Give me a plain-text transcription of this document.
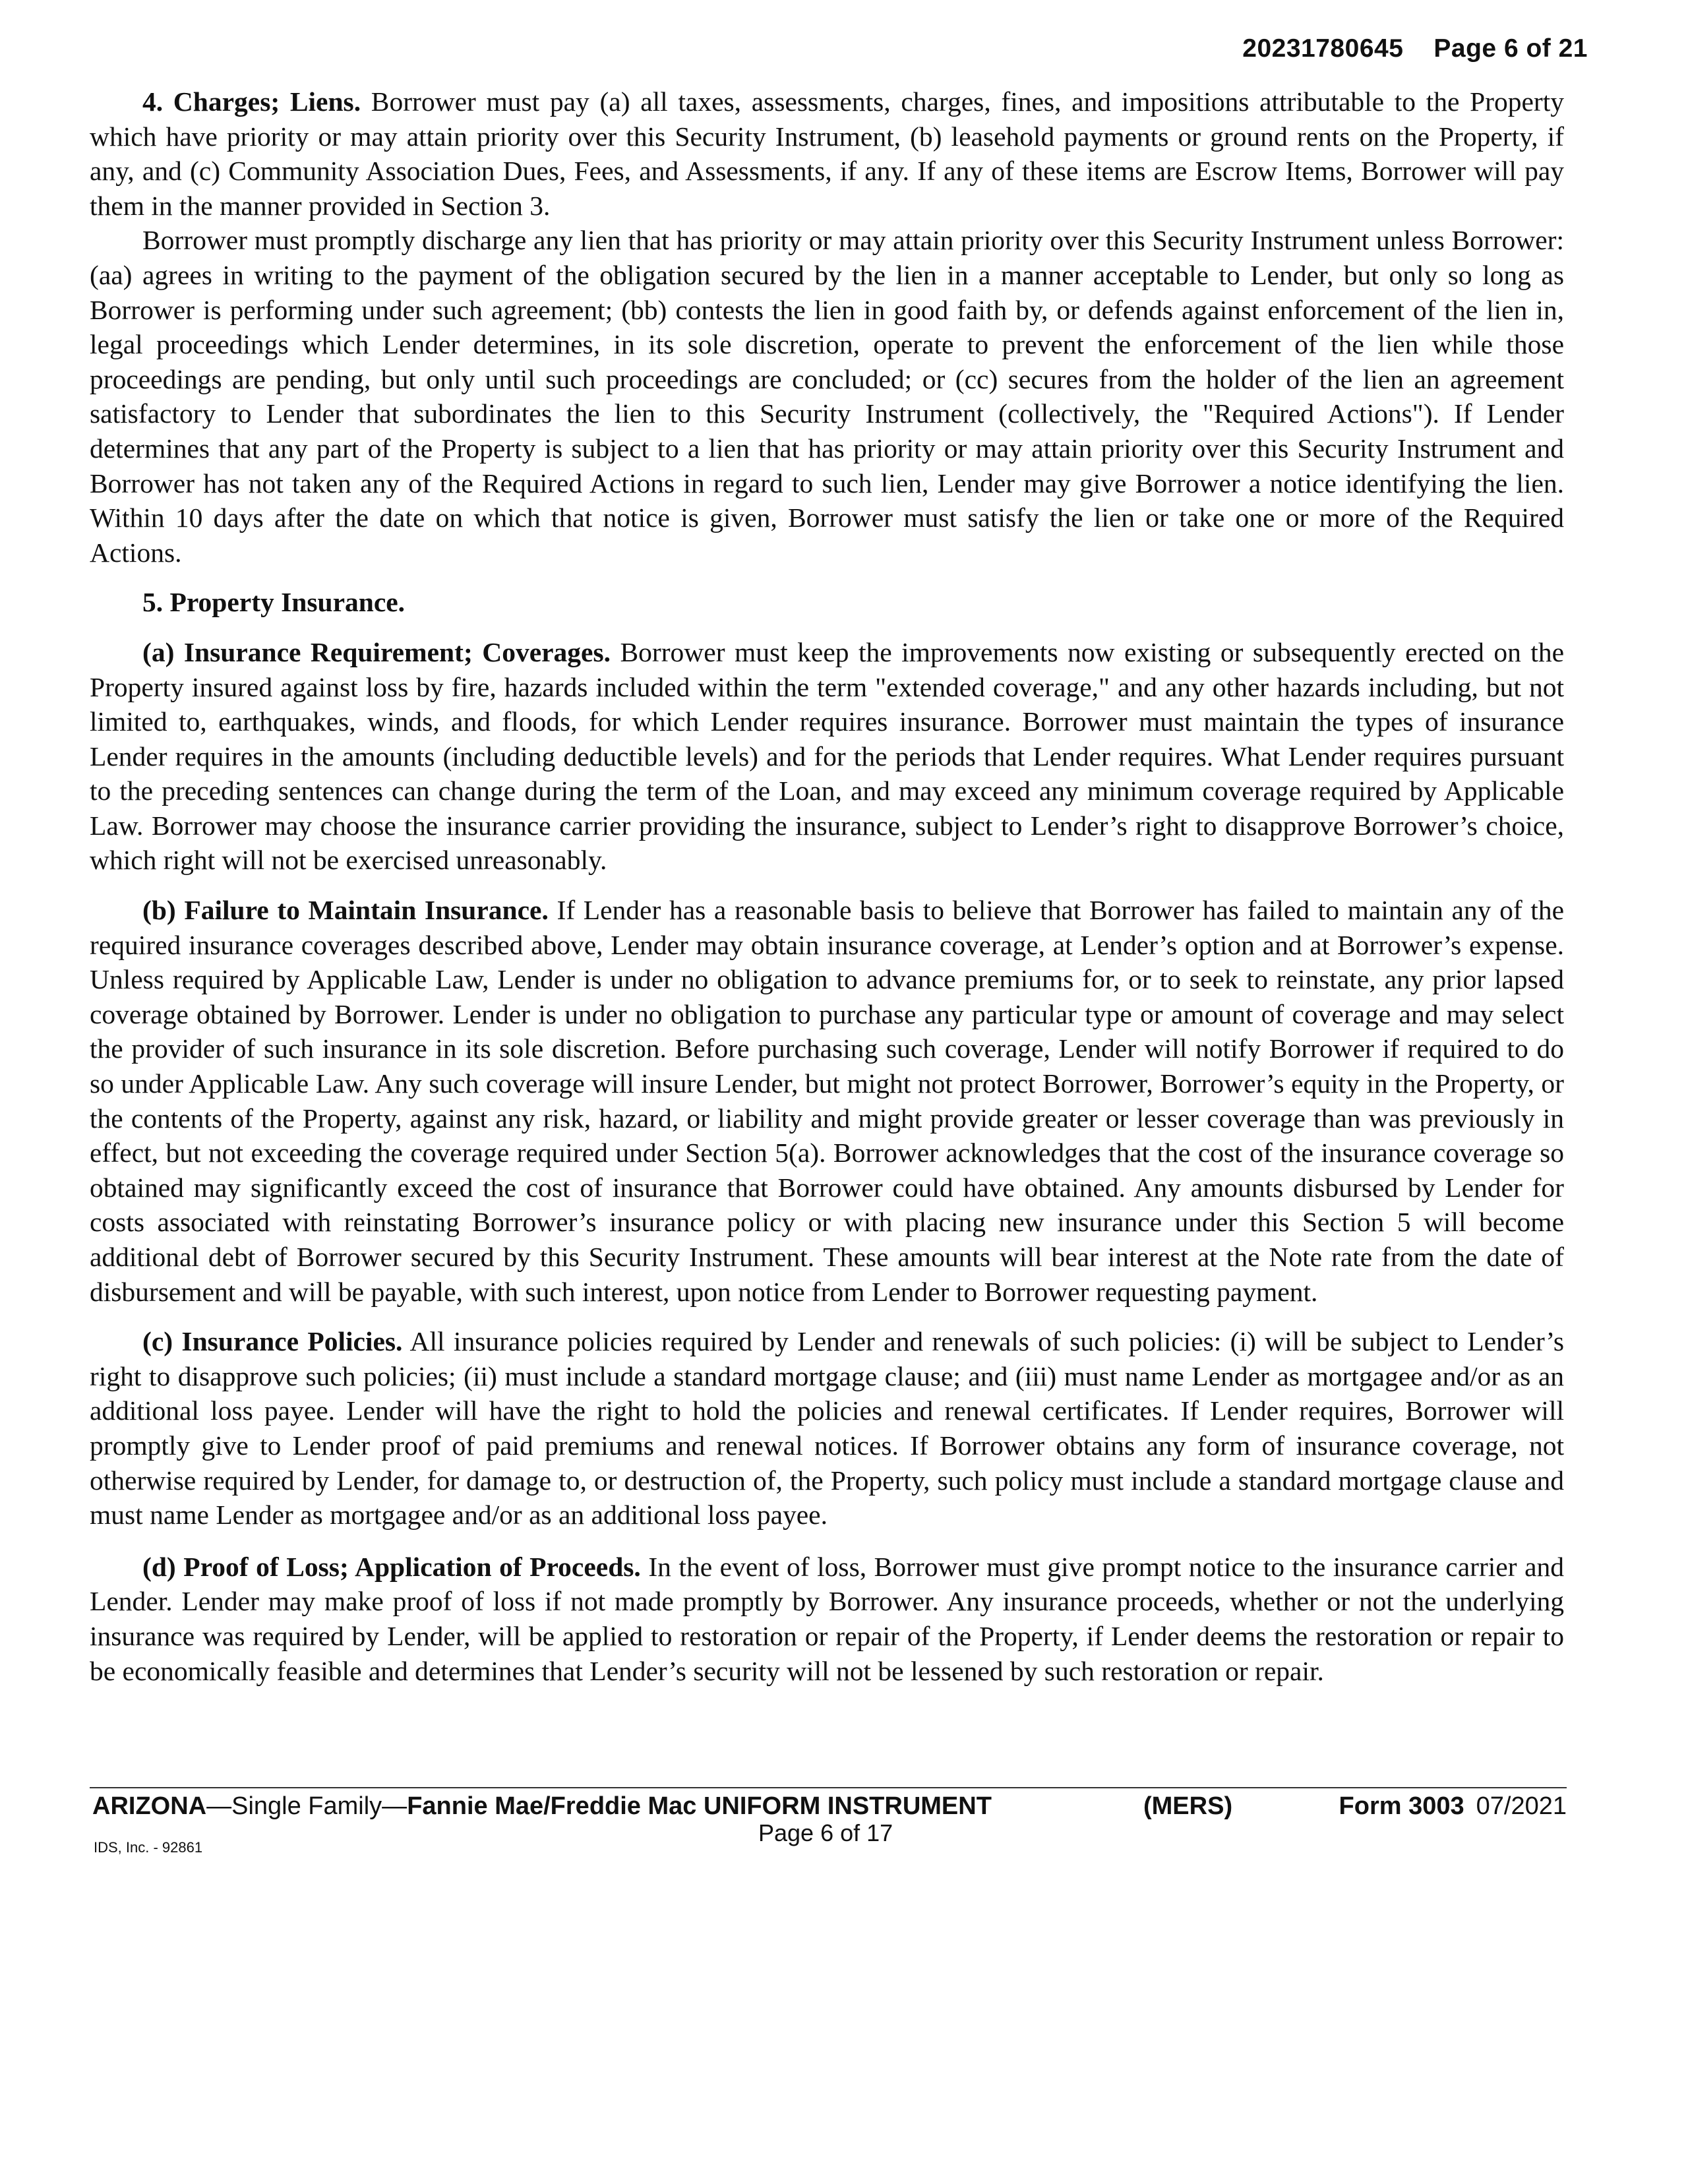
20231780645 Page 6 of 21

4. Charges; Liens. Borrower must pay (a) all taxes, assessments, charges, fines, and impositions attributable to the Property which have priority or may attain priority over this Security Instrument, (b) leasehold payments or ground rents on the Property, if any, and (c) Community Association Dues, Fees, and Assessments, if any. If any of these items are Escrow Items, Borrower will pay them in the manner provided in Section 3.

Borrower must promptly discharge any lien that has priority or may attain priority over this Security Instrument unless Borrower: (aa) agrees in writing to the payment of the obligation secured by the lien in a manner acceptable to Lender, but only so long as Borrower is performing under such agreement; (bb) contests the lien in good faith by, or defends against enforcement of the lien in, legal proceedings which Lender determines, in its sole discretion, operate to prevent the enforcement of the lien while those proceedings are pending, but only until such proceedings are concluded; or (cc) secures from the holder of the lien an agreement satisfactory to Lender that subordinates the lien to this Security Instrument (collectively, the "Required Actions"). If Lender determines that any part of the Property is subject to a lien that has priority or may attain priority over this Security Instrument and Borrower has not taken any of the Required Actions in regard to such lien, Lender may give Borrower a notice identifying the lien. Within 10 days after the date on which that notice is given, Borrower must satisfy the lien or take one or more of the Required Actions.

5. Property Insurance.

(a) Insurance Requirement; Coverages. Borrower must keep the improvements now existing or subsequently erected on the Property insured against loss by fire, hazards included within the term "extended coverage," and any other hazards including, but not limited to, earthquakes, winds, and floods, for which Lender requires insurance. Borrower must maintain the types of insurance Lender requires in the amounts (including deductible levels) and for the periods that Lender requires. What Lender requires pursuant to the preceding sentences can change during the term of the Loan, and may exceed any minimum coverage required by Applicable Law. Borrower may choose the insurance carrier providing the insurance, subject to Lender’s right to disapprove Borrower’s choice, which right will not be exercised unreasonably.

(b) Failure to Maintain Insurance. If Lender has a reasonable basis to believe that Borrower has failed to maintain any of the required insurance coverages described above, Lender may obtain insurance coverage, at Lender’s option and at Borrower’s expense. Unless required by Applicable Law, Lender is under no obligation to advance premiums for, or to seek to reinstate, any prior lapsed coverage obtained by Borrower. Lender is under no obligation to purchase any particular type or amount of coverage and may select the provider of such insurance in its sole discretion. Before purchasing such coverage, Lender will notify Borrower if required to do so under Applicable Law. Any such coverage will insure Lender, but might not protect Borrower, Borrower’s equity in the Property, or the contents of the Property, against any risk, hazard, or liability and might provide greater or lesser coverage than was previously in effect, but not exceeding the coverage required under Section 5(a). Borrower acknowledges that the cost of the insurance coverage so obtained may significantly exceed the cost of insurance that Borrower could have obtained. Any amounts disbursed by Lender for costs associated with reinstating Borrower’s insurance policy or with placing new insurance under this Section 5 will become additional debt of Borrower secured by this Security Instrument. These amounts will bear interest at the Note rate from the date of disbursement and will be payable, with such interest, upon notice from Lender to Borrower requesting payment.

(c) Insurance Policies. All insurance policies required by Lender and renewals of such policies: (i) will be subject to Lender’s right to disapprove such policies; (ii) must include a standard mortgage clause; and (iii) must name Lender as mortgagee and/or as an additional loss payee. Lender will have the right to hold the policies and renewal certificates. If Lender requires, Borrower will promptly give to Lender proof of paid premiums and renewal notices. If Borrower obtains any form of insurance coverage, not otherwise required by Lender, for damage to, or destruction of, the Property, such policy must include a standard mortgage clause and must name Lender as mortgagee and/or as an additional loss payee.

(d) Proof of Loss; Application of Proceeds. In the event of loss, Borrower must give prompt notice to the insurance carrier and Lender. Lender may make proof of loss if not made promptly by Borrower. Any insurance proceeds, whether or not the underlying insurance was required by Lender, will be applied to restoration or repair of the Property, if Lender deems the restoration or repair to be economically feasible and determines that Lender’s security will not be lessened by such restoration or repair.

ARIZONA—Single Family—Fannie Mae/Freddie Mac UNIFORM INSTRUMENT	(MERS)	Form 3003 07/2021
Page 6 of 17
IDS, Inc. - 92861
